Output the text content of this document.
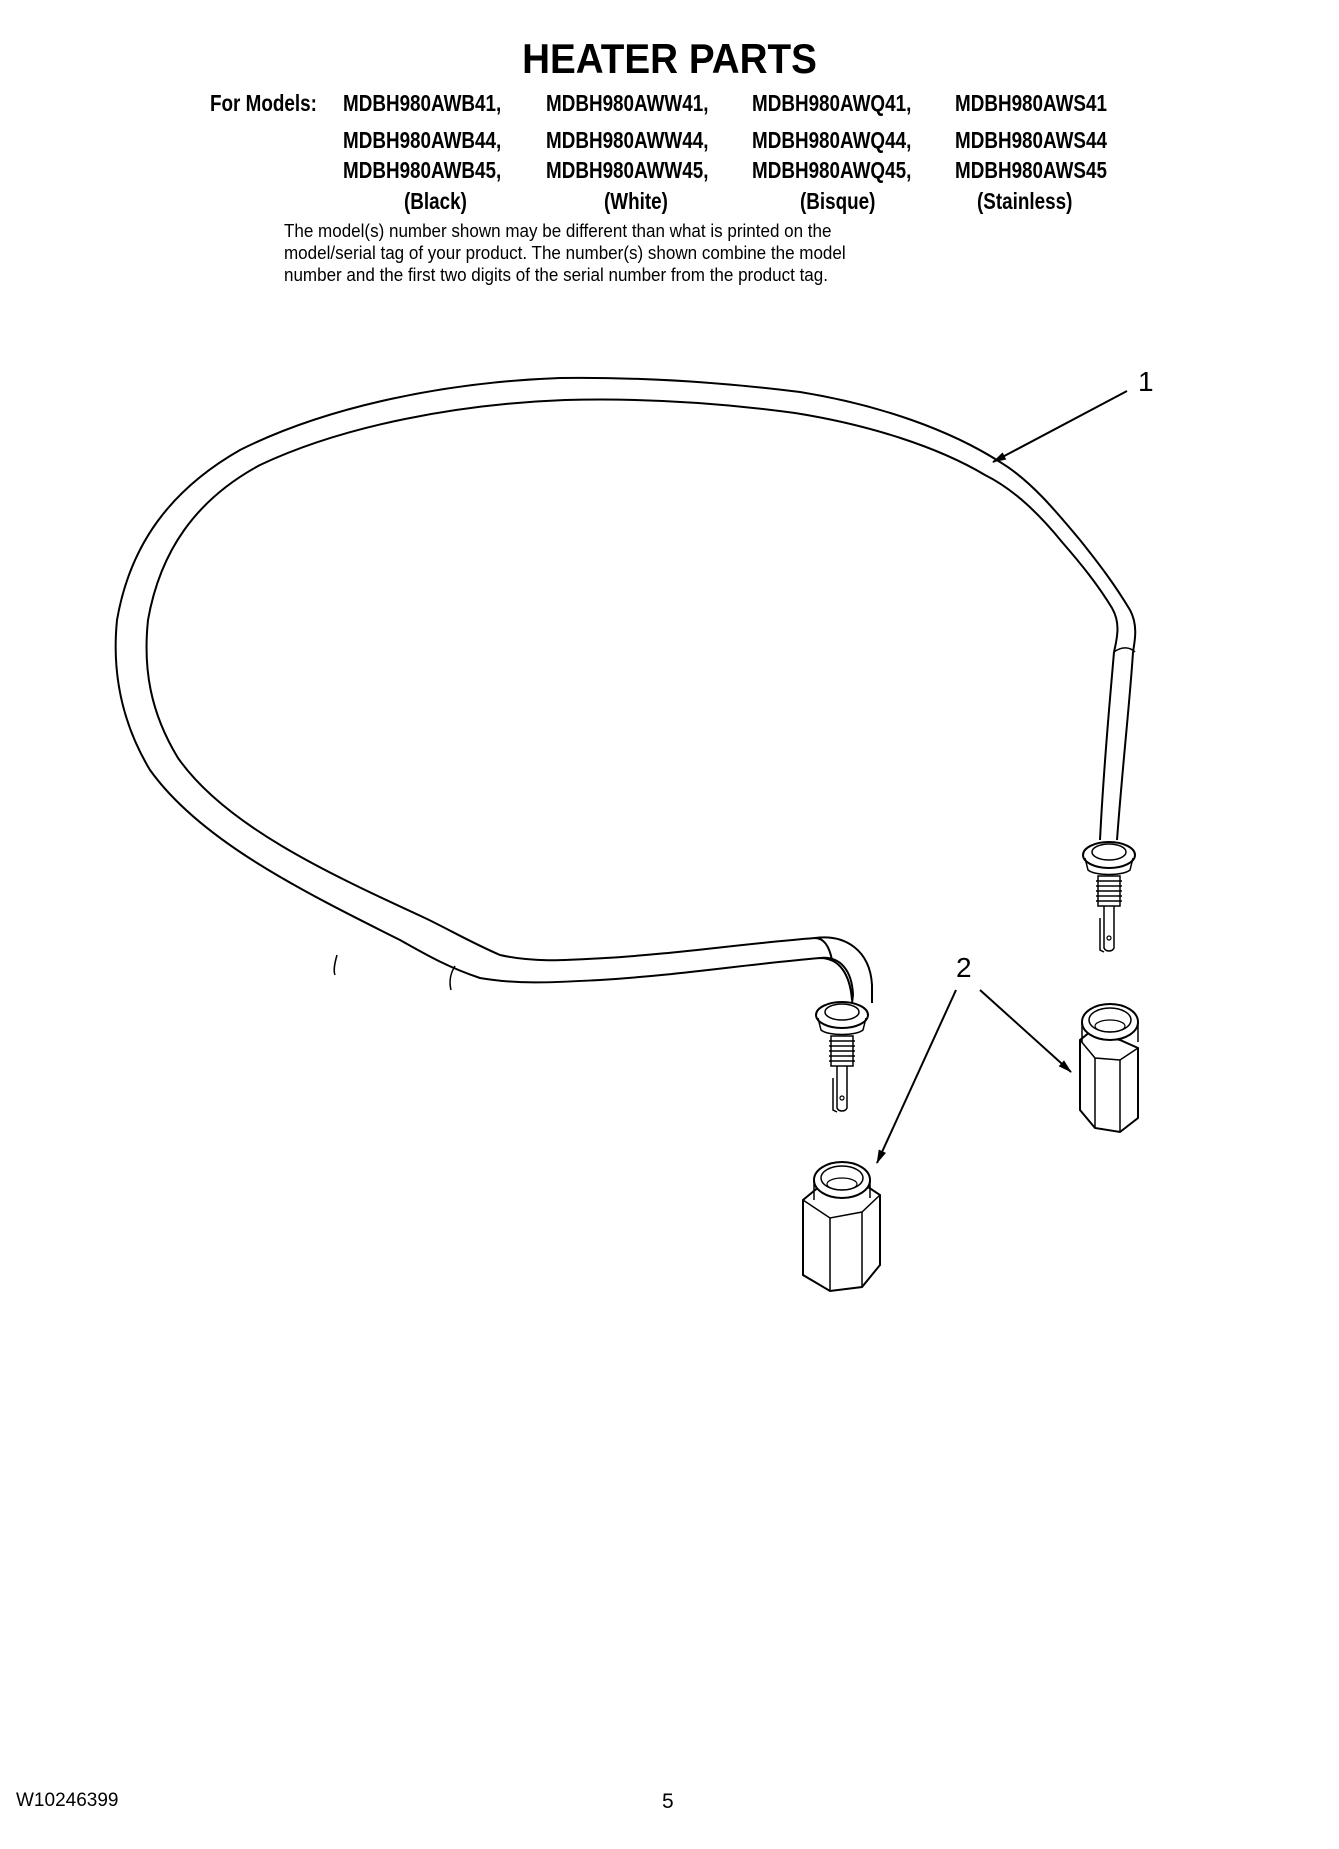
HEATER PARTS
For Models: MDBH980AWB41, MDBH980AWW41, MDBH980AWQ41, MDBH980AWS41
MDBH980AWB44, MDBH980AWW44, MDBH980AWQ44, MDBH980AWS44
MDBH980AWB45, MDBH980AWW45, MDBH980AWQ45, MDBH980AWS45
(Black)	(White)	(Bisque)	(Stainless)

The model(s) number shown may be different than what is printed on the

model/serial tag of your product. The number(s) shown combine the model

number and the first two digits of the serial number from the product tag.

1
2
W10246399	5
